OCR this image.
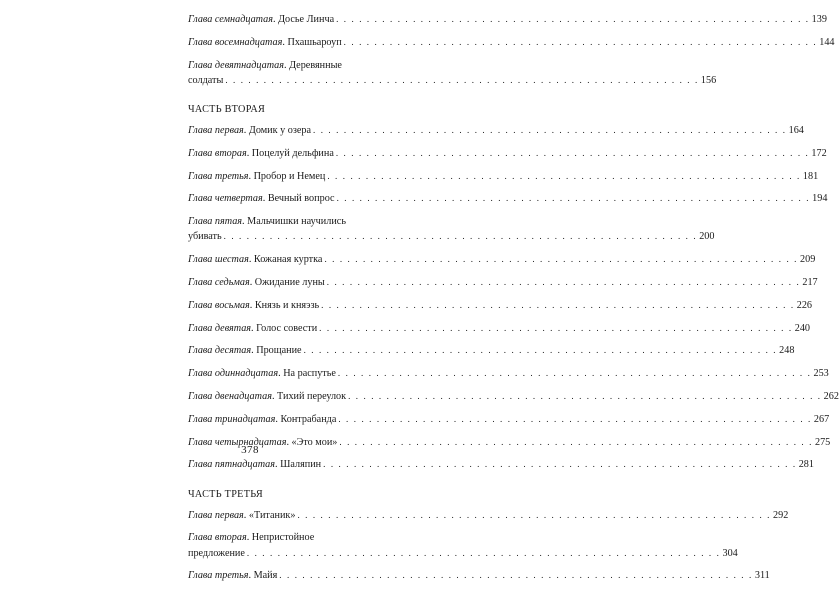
Глава семнадцатая. Досье Линча . . . . . . . . . . . . . . . . . . . . . . . . . . . . . . . . . . . . . . . . . . . . . . . . . . . . . . . . . . . . . . 139
Глава восемнадцатая. Пхашьароуп . . . . . . . . . . . . . . . . . . . . . . . . . . . . . . . . . . . . . . . . . . . . . . . . . . . . . . . . . . . . . . 144
Глава девятнадцатая. Деревянные
солдаты . . . . . . . . . . . . . . . . . . . . . . . . . . . . . . . . . . . . . . . . . . . . . . . . . . . . . . . . . . . . . . 156
ЧАСТЬ ВТОРАЯ
Глава первая. Домик у озера . . . . . . . . . . . . . . . . . . . . . . . . . . . . . . . . . . . . . . . . . . . . . . . . . . . . . . . . . . . . . . 164
Глава вторая. Поцелуй дельфина . . . . . . . . . . . . . . . . . . . . . . . . . . . . . . . . . . . . . . . . . . . . . . . . . . . . . . . . . . . . . . 172
Глава третья. Пробор и Немец . . . . . . . . . . . . . . . . . . . . . . . . . . . . . . . . . . . . . . . . . . . . . . . . . . . . . . . . . . . . . . 181
Глава четвертая. Вечный вопрос . . . . . . . . . . . . . . . . . . . . . . . . . . . . . . . . . . . . . . . . . . . . . . . . . . . . . . . . . . . . . . 194
Глава пятая. Мальчишки научились
убивать . . . . . . . . . . . . . . . . . . . . . . . . . . . . . . . . . . . . . . . . . . . . . . . . . . . . . . . . . . . . . . 200
Глава шестая. Кожаная куртка . . . . . . . . . . . . . . . . . . . . . . . . . . . . . . . . . . . . . . . . . . . . . . . . . . . . . . . . . . . . . . 209
Глава седьмая. Ожидание луны . . . . . . . . . . . . . . . . . . . . . . . . . . . . . . . . . . . . . . . . . . . . . . . . . . . . . . . . . . . . . . 217
Глава восьмая. Князь и княэзь . . . . . . . . . . . . . . . . . . . . . . . . . . . . . . . . . . . . . . . . . . . . . . . . . . . . . . . . . . . . . . 226
Глава девятая. Голос совести . . . . . . . . . . . . . . . . . . . . . . . . . . . . . . . . . . . . . . . . . . . . . . . . . . . . . . . . . . . . . . 240
Глава десятая. Прощание . . . . . . . . . . . . . . . . . . . . . . . . . . . . . . . . . . . . . . . . . . . . . . . . . . . . . . . . . . . . . . 248
Глава одиннадцатая. На распутье . . . . . . . . . . . . . . . . . . . . . . . . . . . . . . . . . . . . . . . . . . . . . . . . . . . . . . . . . . . . . . 253
Глава двенадцатая. Тихий переулок . . . . . . . . . . . . . . . . . . . . . . . . . . . . . . . . . . . . . . . . . . . . . . . . . . . . . . . . . . . . . . 262
Глава тринадцатая. Контрабанда . . . . . . . . . . . . . . . . . . . . . . . . . . . . . . . . . . . . . . . . . . . . . . . . . . . . . . . . . . . . . . 267
Глава четырнадцатая. «Это мои» . . . . . . . . . . . . . . . . . . . . . . . . . . . . . . . . . . . . . . . . . . . . . . . . . . . . . . . . . . . . . . 275
Глава пятнадцатая. Шаляпин . . . . . . . . . . . . . . . . . . . . . . . . . . . . . . . . . . . . . . . . . . . . . . . . . . . . . . . . . . . . . . 281
ЧАСТЬ ТРЕТЬЯ
Глава первая. «Титаник» . . . . . . . . . . . . . . . . . . . . . . . . . . . . . . . . . . . . . . . . . . . . . . . . . . . . . . . . . . . . . . 292
Глава вторая. Непристойное
предложение . . . . . . . . . . . . . . . . . . . . . . . . . . . . . . . . . . . . . . . . . . . . . . . . . . . . . . . . . . . . . . 304
Глава третья. Майя . . . . . . . . . . . . . . . . . . . . . . . . . . . . . . . . . . . . . . . . . . . . . . . . . . . . . . . . . . . . . . 311
378
